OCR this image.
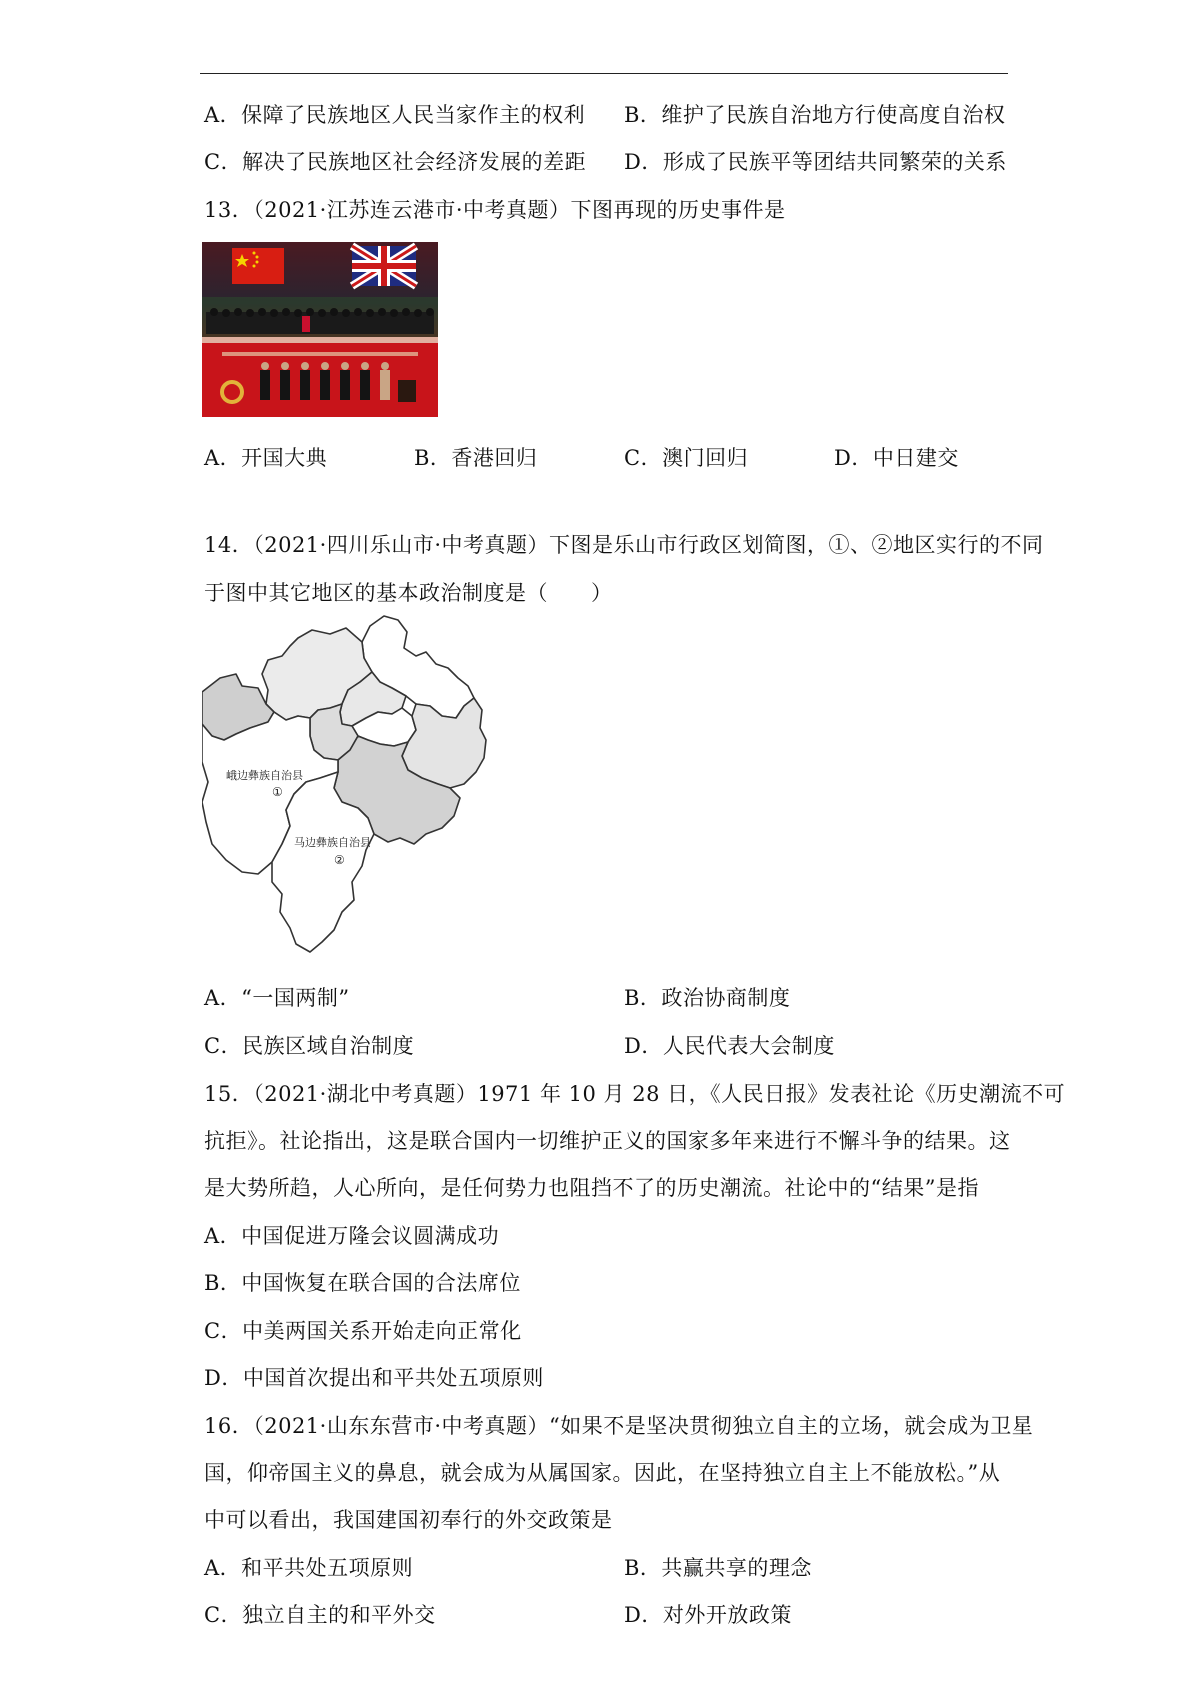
A．保障了民族地区人民当家作主的权利 B．维护了民族自治地方行使高度自治权
C．解决了民族地区社会经济发展的差距 D．形成了民族平等团结共同繁荣的关系
13．（2021·江苏连云港市·中考真题）下图再现的历史事件是
A．开国大典	B．香港回归	C．澳门回归	D．中日建交
14．（2021·四川乐山市·中考真题）下图是乐山市行政区划简图，①、②地区实行的不同
于图中其它地区的基本政治制度是（　　）
峨边彝族自治县
①
马边彝族自治县
②
A．“一国两制”	B．政治协商制度
C．民族区域自治制度	D．人民代表大会制度
15．（2021·湖北中考真题）1971 年 10 月 28 日，《人民日报》发表社论《历史潮流不可
抗拒》。社论指出，这是联合国内一切维护正义的国家多年来进行不懈斗争的结果。这
是大势所趋，人心所向，是任何势力也阻挡不了的历史潮流。社论中的“结果”是指
A．中国促进万隆会议圆满成功
B．中国恢复在联合国的合法席位
C．中美两国关系开始走向正常化
D．中国首次提出和平共处五项原则
16．（2021·山东东营市·中考真题）“如果不是坚决贯彻独立自主的立场，就会成为卫星
国，仰帝国主义的鼻息，就会成为从属国家。因此，在坚持独立自主上不能放松。”从
中可以看出，我国建国初奉行的外交政策是
A．和平共处五项原则	B．共赢共享的理念
C．独立自主的和平外交	D．对外开放政策
